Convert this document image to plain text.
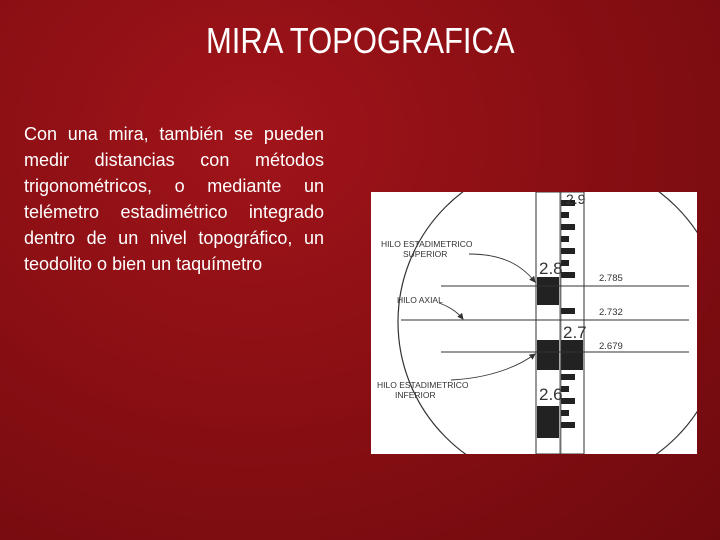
MIRA TOPOGRAFICA
Con una mira, también se pueden medir distancias con métodos trigonométricos, o mediante un telémetro estadimétrico integrado dentro de un nivel topográfico, un teodolito o bien un taquímetro
2.9
2.8
2.7
2.6
2.785
2.732
2.679
HILO ESTADIMETRICO SUPERIOR
HILO AXIAL
HILO ESTADIMETRICO INFERIOR
